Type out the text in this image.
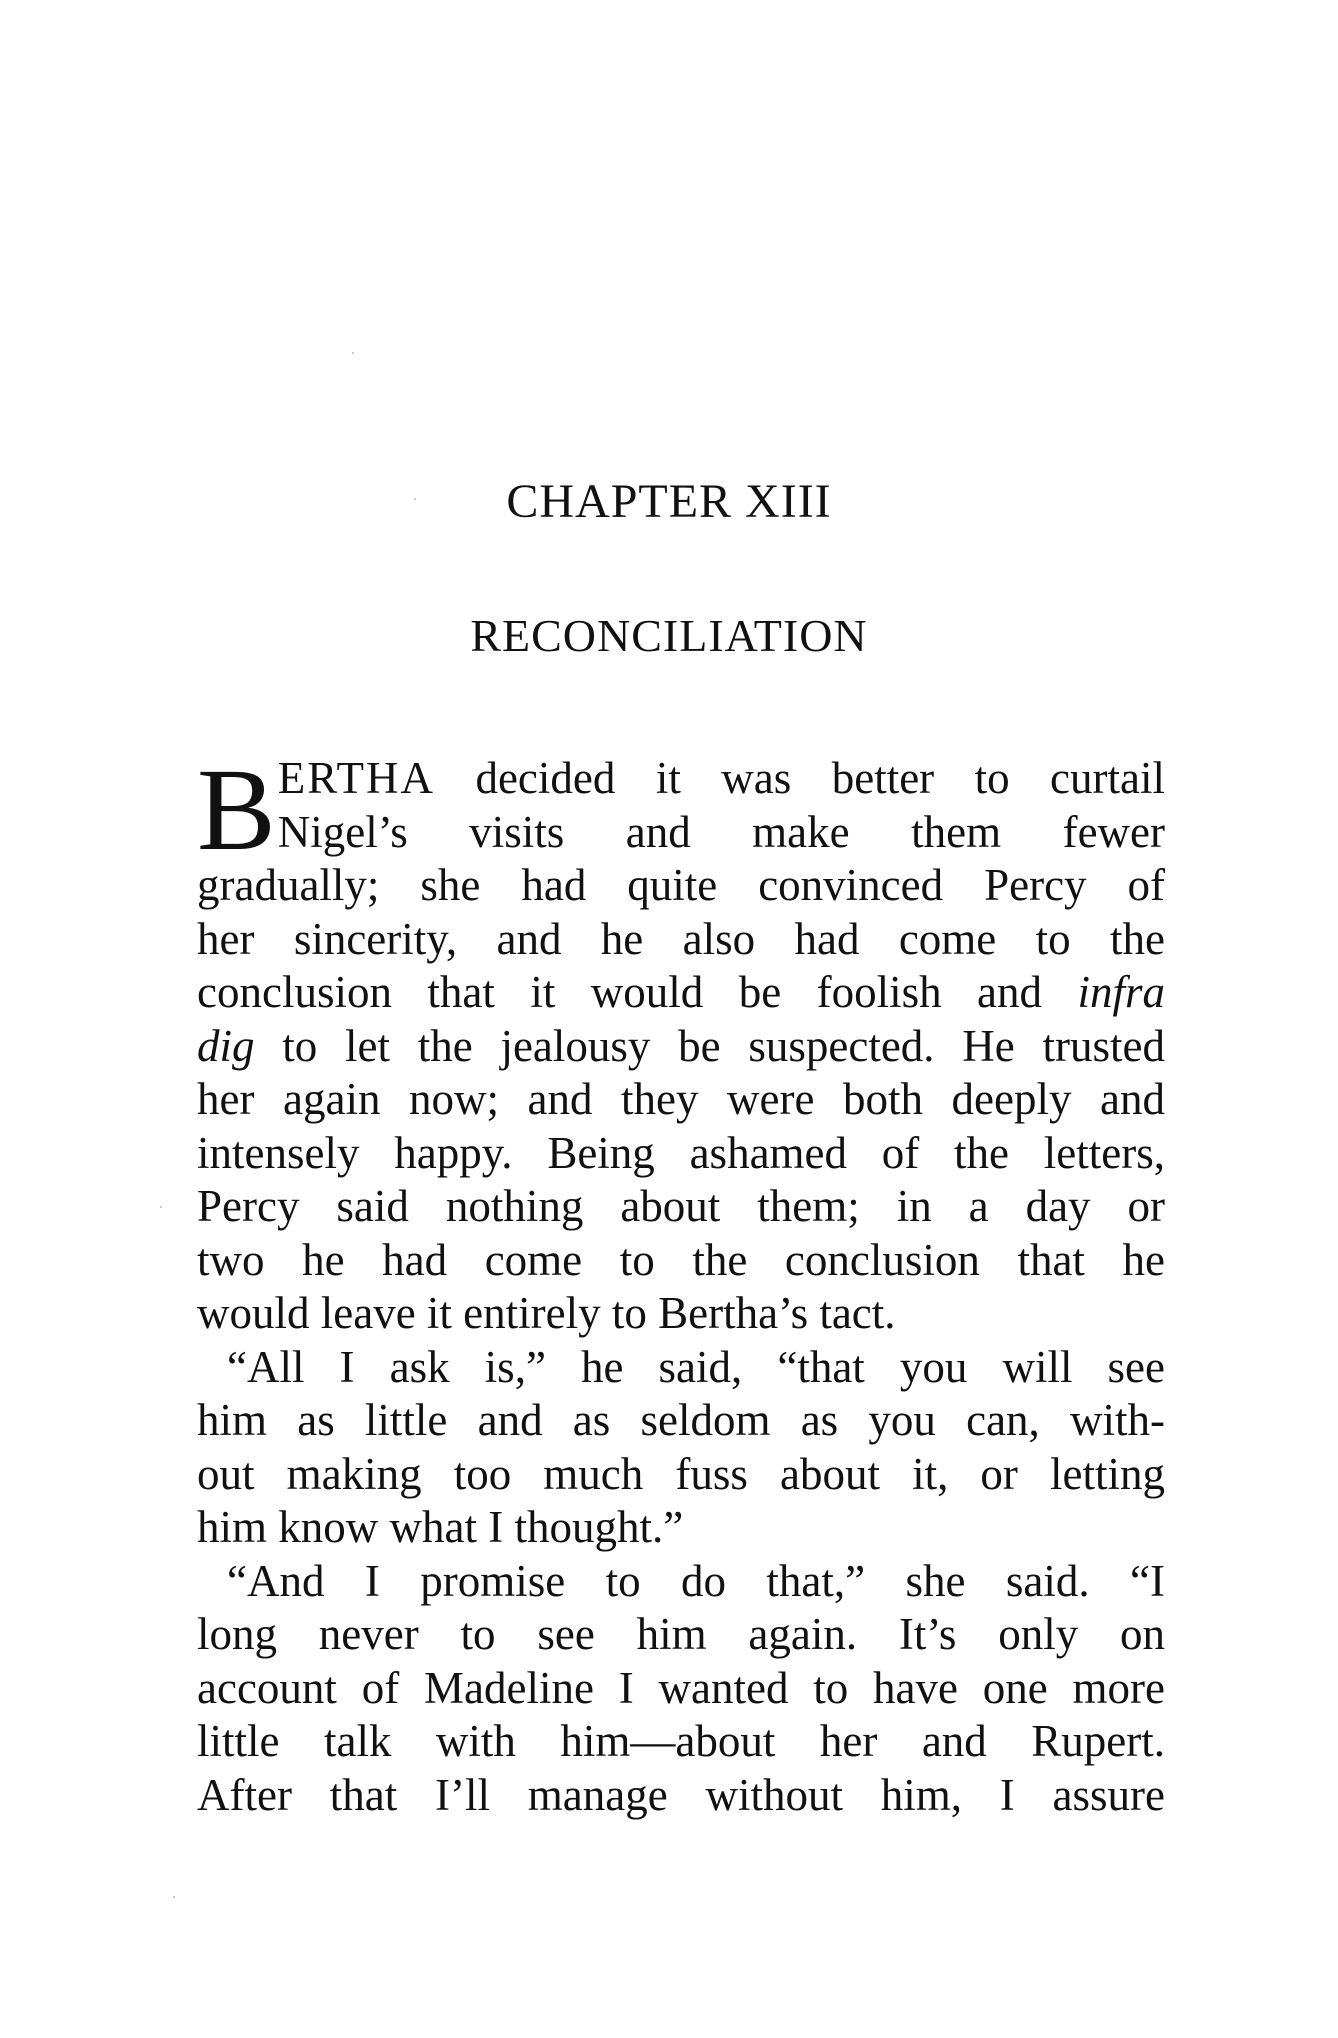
CHAPTER XIII
RECONCILIATION
B ERTHA decided it was better to curtail
Nigel’s visits and make them fewer
gradually; she had quite convinced Percy of
her sincerity, and he also had come to the
conclusion that it would be foolish and infra
dig to let the jealousy be suspected. He trusted
her again now; and they were both deeply and
intensely happy. Being ashamed of the letters,
Percy said nothing about them; in a day or
two he had come to the conclusion that he
would leave it entirely to Bertha’s tact.
“All I ask is,” he said, “that you will see
him as little and as seldom as you can, with-
out making too much fuss about it, or letting
him know what I thought.”
“And I promise to do that,” she said. “I
long never to see him again. It’s only on
account of Madeline I wanted to have one more
little talk with him—about her and Rupert.
After that I’ll manage without him, I assure
